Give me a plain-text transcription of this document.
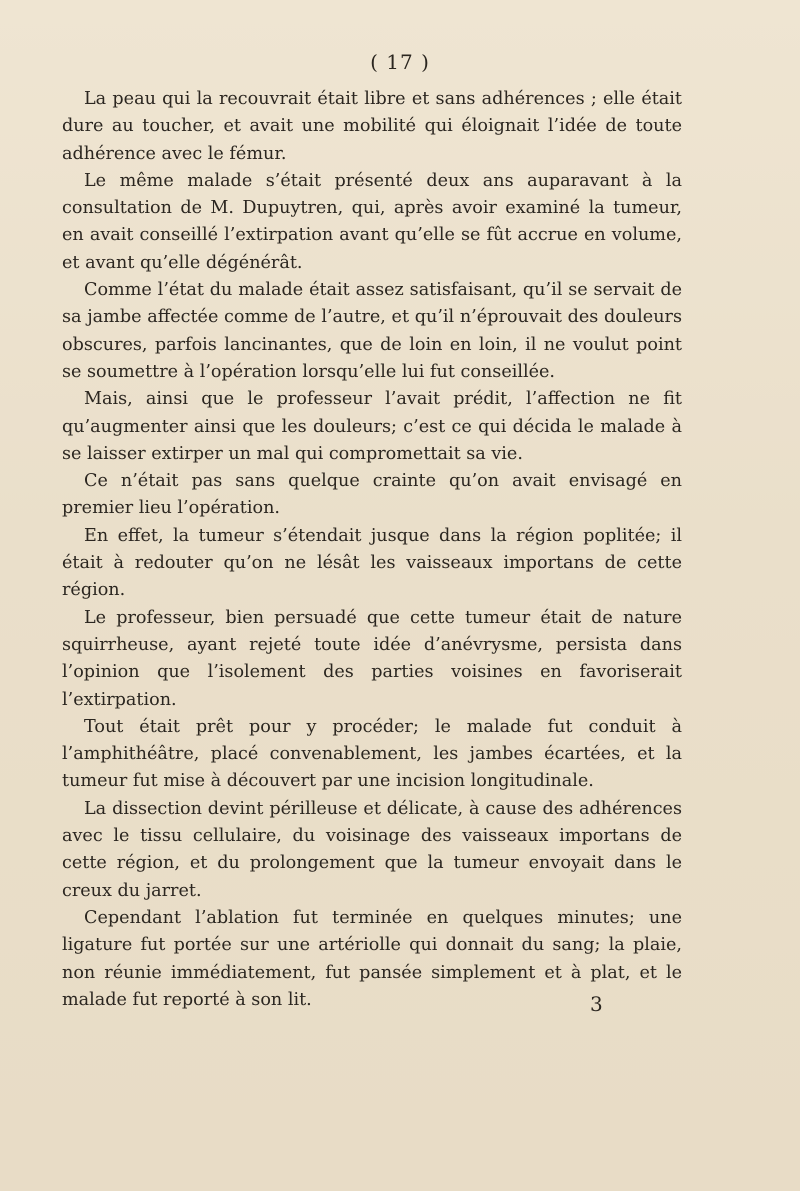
( 17 )

La peau qui la recouvrait était libre et sans adhérences ; elle était dure au toucher, et avait une mobilité qui éloignait l’idée de toute adhérence avec le fémur.

Le même malade s’était présenté deux ans auparavant à la consultation de M. Dupuytren, qui, après avoir examiné la tumeur, en avait conseillé l’extirpation avant qu’elle se fût accrue en volume, et avant qu’elle dégénérât.

Comme l’état du malade était assez satisfaisant, qu’il se servait de sa jambe affectée comme de l’autre, et qu’il n’éprouvait des douleurs obscures, parfois lancinantes, que de loin en loin, il ne voulut point se soumettre à l’opération lorsqu’elle lui fut conseillée.

Mais, ainsi que le professeur l’avait prédit, l’affection ne fit qu’augmenter ainsi que les douleurs; c’est ce qui décida le malade à se laisser extirper un mal qui compromettait sa vie.

Ce n’était pas sans quelque crainte qu’on avait envisagé en premier lieu l’opération.

En effet, la tumeur s’étendait jusque dans la région poplitée; il était à redouter qu’on ne lésât les vaisseaux importans de cette région.

Le professeur, bien persuadé que cette tumeur était de nature squirrheuse, ayant rejeté toute idée d’anévrysme, persista dans l’opinion que l’isolement des parties voisines en favoriserait l’extirpation.

Tout était prêt pour y procéder; le malade fut conduit à l’amphithéâtre, placé convenablement, les jambes écartées, et la tumeur fut mise à découvert par une incision longitudinale.

La dissection devint périlleuse et délicate, à cause des adhérences avec le tissu cellulaire, du voisinage des vaisseaux importans de cette région, et du prolongement que la tumeur envoyait dans le creux du jarret.

Cependant l’ablation fut terminée en quelques minutes; une ligature fut portée sur une artériolle qui donnait du sang; la plaie, non réunie immédiatement, fut pansée simplement et à plat, et le malade fut reporté à son lit.	3
